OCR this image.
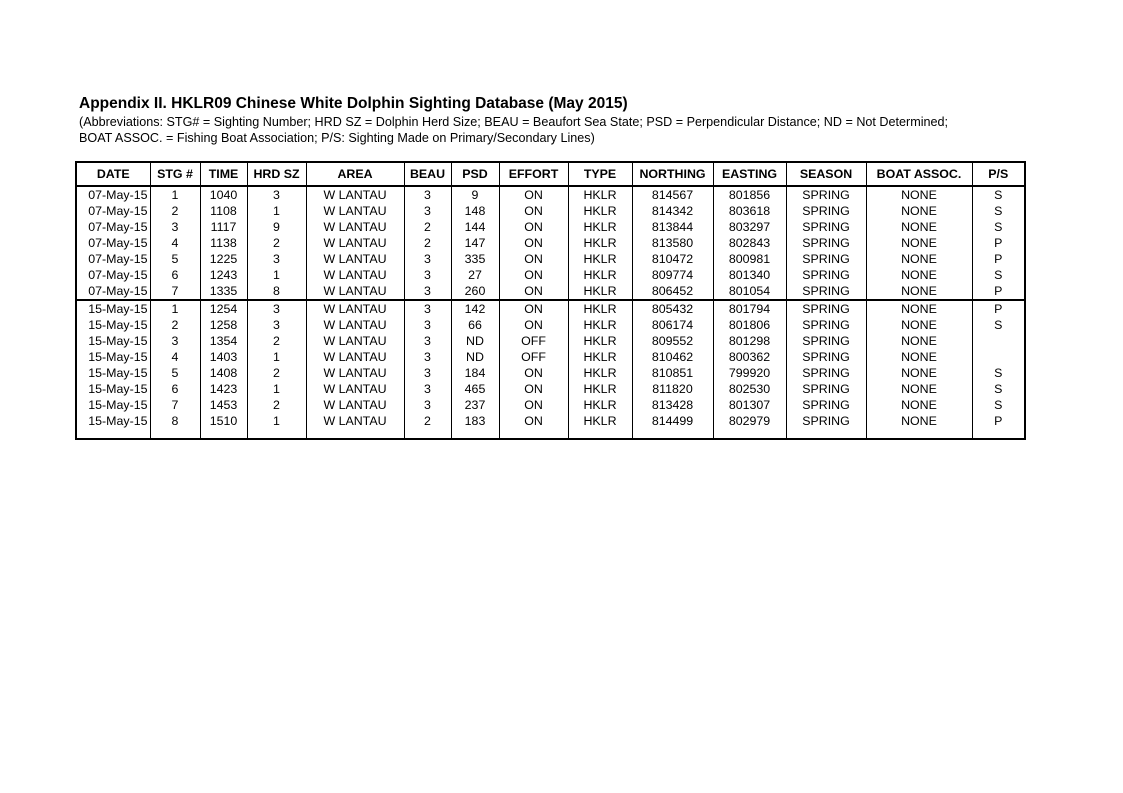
Appendix II. HKLR09 Chinese White Dolphin Sighting Database (May 2015)
(Abbreviations: STG# = Sighting Number; HRD SZ = Dolphin Herd Size; BEAU = Beaufort Sea State; PSD = Perpendicular Distance; ND = Not Determined;
BOAT ASSOC. = Fishing Boat Association; P/S: Sighting Made on Primary/Secondary Lines)
DATE	STG #	TIME	HRD SZ	AREA	BEAU	PSD	EFFORT	TYPE	NORTHING	EASTING	SEASON	BOAT ASSOC.	P/S
07-May-15	1	1040	3	W LANTAU	3	9	ON	HKLR	814567	801856	SPRING	NONE	S
07-May-15	2	1108	1	W LANTAU	3	148	ON	HKLR	814342	803618	SPRING	NONE	S
07-May-15	3	1117	9	W LANTAU	2	144	ON	HKLR	813844	803297	SPRING	NONE	S
07-May-15	4	1138	2	W LANTAU	2	147	ON	HKLR	813580	802843	SPRING	NONE	P
07-May-15	5	1225	3	W LANTAU	3	335	ON	HKLR	810472	800981	SPRING	NONE	P
07-May-15	6	1243	1	W LANTAU	3	27	ON	HKLR	809774	801340	SPRING	NONE	S
07-May-15	7	1335	8	W LANTAU	3	260	ON	HKLR	806452	801054	SPRING	NONE	P
15-May-15	1	1254	3	W LANTAU	3	142	ON	HKLR	805432	801794	SPRING	NONE	P
15-May-15	2	1258	3	W LANTAU	3	66	ON	HKLR	806174	801806	SPRING	NONE	S
15-May-15	3	1354	2	W LANTAU	3	ND	OFF	HKLR	809552	801298	SPRING	NONE	
15-May-15	4	1403	1	W LANTAU	3	ND	OFF	HKLR	810462	800362	SPRING	NONE	
15-May-15	5	1408	2	W LANTAU	3	184	ON	HKLR	810851	799920	SPRING	NONE	S
15-May-15	6	1423	1	W LANTAU	3	465	ON	HKLR	811820	802530	SPRING	NONE	S
15-May-15	7	1453	2	W LANTAU	3	237	ON	HKLR	813428	801307	SPRING	NONE	S
15-May-15	8	1510	1	W LANTAU	2	183	ON	HKLR	814499	802979	SPRING	NONE	P
